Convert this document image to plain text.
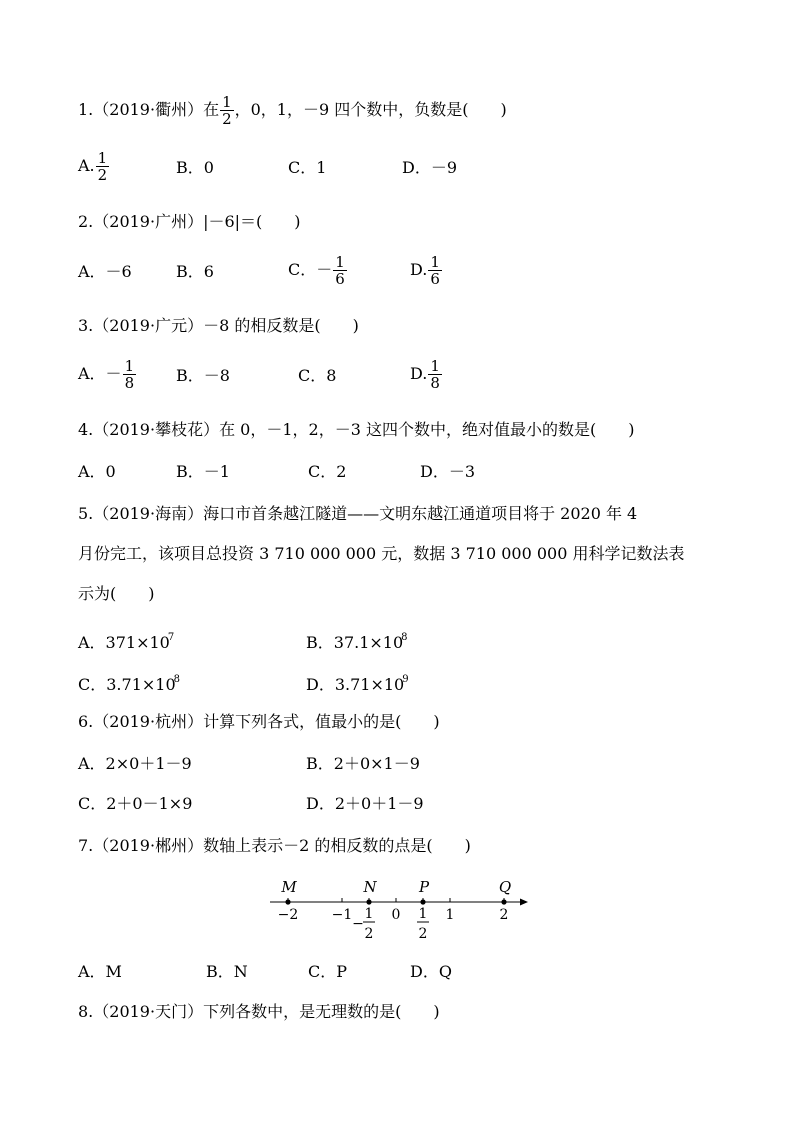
1.（2019·衢州）在 $\frac{1}{2}$ ，0，1，－9 四个数中，负数是(　　)
A. $\frac{1}{2}$	B．0	C．1	D．－9
2.（2019·广州）|－6|＝(　　)
A．－6	B．6	C．－ $\frac{1}{6}$	D. $\frac{1}{6}$
3.（2019·广元）－8 的相反数是(　　)
A．－ $\frac{1}{8}$ B．－8	C．8	D. $\frac{1}{8}$
4.（2019·攀枝花）在 0，－1，2，－3 这四个数中，绝对值最小的数是(　　)
A．0	B．－1	C．2	D．－3
5.（2019·海南）海口市首条越江隧道——文明东越江通道项目将于 2020 年 4
月份完工，该项目总投资 3 710 000 000 元，数据 3 710 000 000 用科学记数法表
示为(　　)
A．$371\times 10^7$	B．$37.1\times 10^8$
C．$3.71\times 10^8$	D．$3.71\times 10^9$
6.（2019·杭州）计算下列各式，值最小的是(　　)
A．2×0＋1－9	B．2＋0×1－9
C．2＋0－1×9	D．2＋0＋1－9
7.（2019·郴州）数轴上表示－2 的相反数的点是(　　)
−2 −1	0	1	2
M	N	P	Q
1
2
−
1
2
A．M	B．N	C．P	D．Q
8.（2019·天门）下列各数中，是无理数的是(　　)
